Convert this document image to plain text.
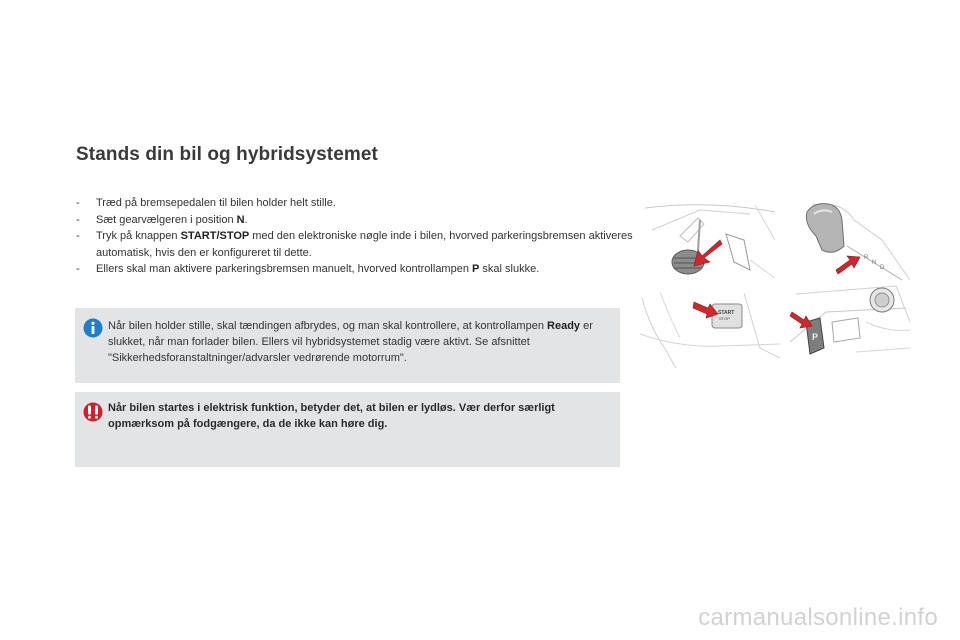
Stands din bil og hybridsystemet
- Træd på bremsepedalen til bilen holder helt stille.
- Sæt gearvælgeren i position N.
- Tryk på knappen START/STOP med den elektroniske nøgle inde i bilen, hvorved parkeringsbremsen aktiveres automatisk, hvis den er konfigureret til dette.
- Ellers skal man aktivere parkeringsbremsen manuelt, hvorved kontrollampen P skal slukke.
Når bilen holder stille, skal tændingen afbrydes, og man skal kontrollere, at kontrollampen Ready er slukket, når man forlader bilen. Ellers vil hybridsystemet stadig være aktivt. Se afsnittet "Sikkerhedsforanstaltninger/advarsler vedrørende motorrum".
Når bilen startes i elektrisk funktion, betyder det, at bilen er lydløs. Vær derfor særligt opmærksom på fodgængere, da de ikke kan høre dig.
R
N
D
START
STOP
P
carmanualsonline.info
